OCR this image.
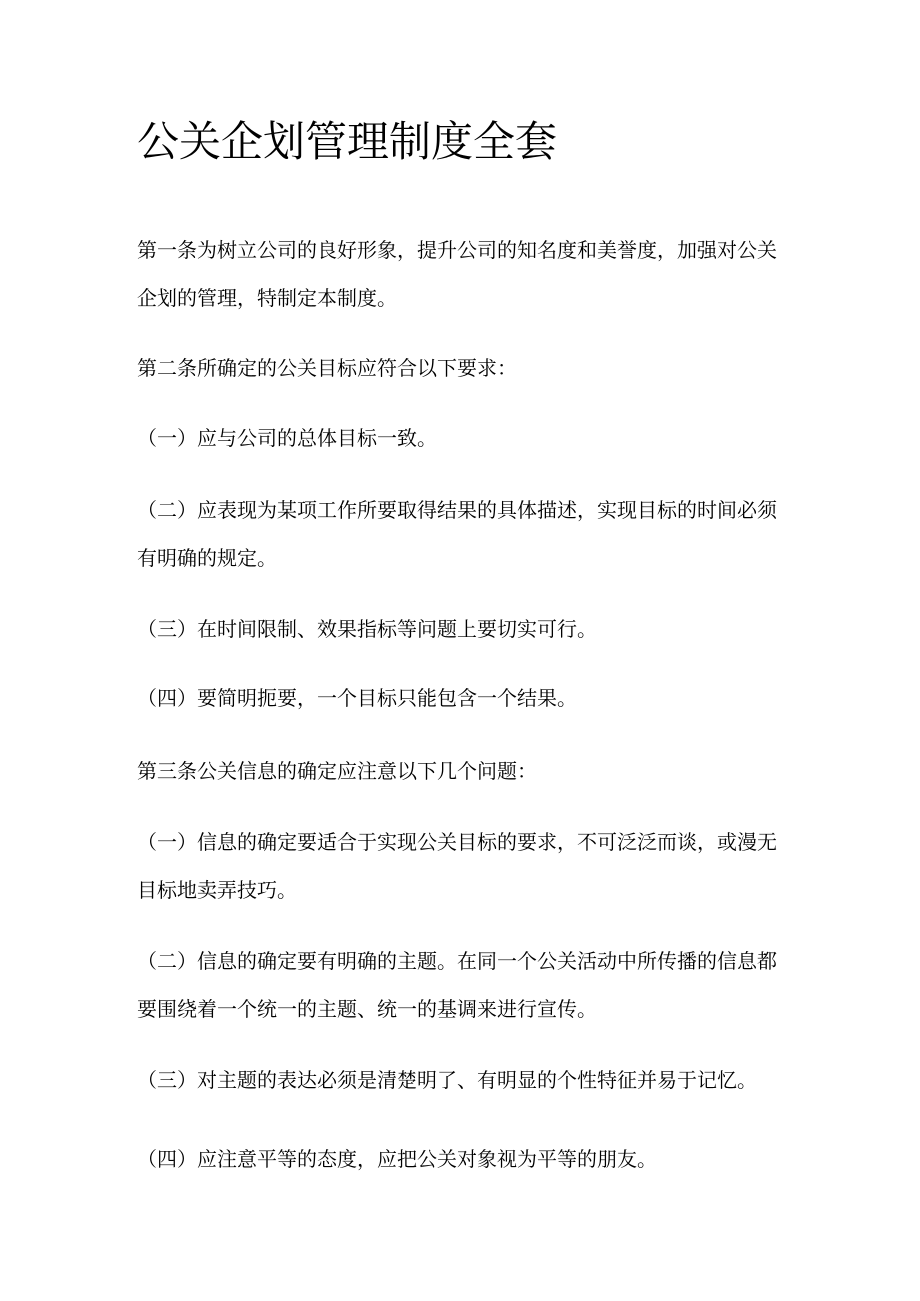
公关企划管理制度全套

第一条为树立公司的良好形象，提升公司的知名度和美誉度，加强对公关企划的管理，特制定本制度。

第二条所确定的公关目标应符合以下要求：

（一）应与公司的总体目标一致。

（二）应表现为某项工作所要取得结果的具体描述，实现目标的时间必须有明确的规定。

（三）在时间限制、效果指标等问题上要切实可行。

（四）要简明扼要，一个目标只能包含一个结果。

第三条公关信息的确定应注意以下几个问题：

（一）信息的确定要适合于实现公关目标的要求，不可泛泛而谈，或漫无目标地卖弄技巧。

（二）信息的确定要有明确的主题。在同一个公关活动中所传播的信息都要围绕着一个统一的主题、统一的基调来进行宣传。

（三）对主题的表达必须是清楚明了、有明显的个性特征并易于记忆。

（四）应注意平等的态度，应把公关对象视为平等的朋友。
